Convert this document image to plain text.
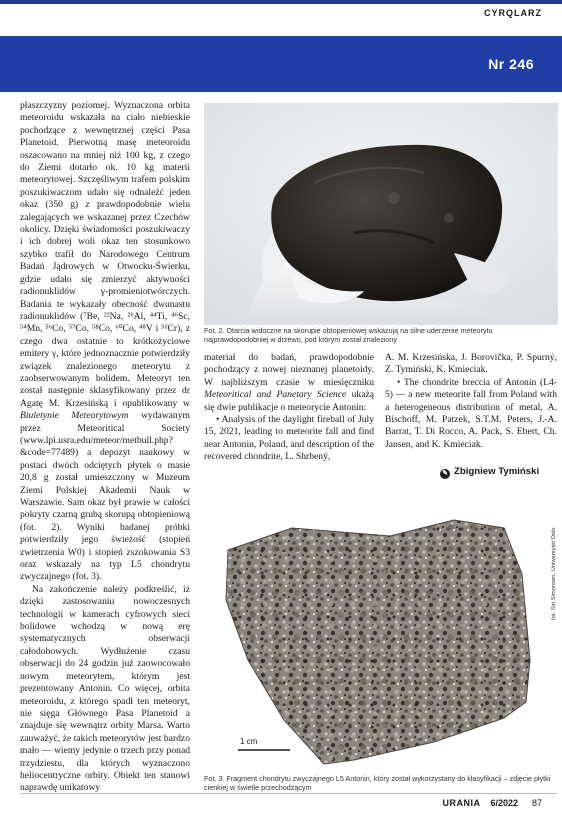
CYRQLARZ
Nr 246

płaszczyzny poziomej. Wyznaczona orbita meteoroidu wskazała na ciało niebieskie pochodzące z wewnętrznej części Pasa Planetoid. Pierwotną masę meteoroidu oszacowano na mniej niż 100 kg, z czego do Ziemi dotarło ok. 10 kg materii meteorytowej. Szczęśliwym trafem polskim poszukiwaczom udało się odnaleźć jeden okaz (350 g) z prawdopodobnie wielu zalegających we wskazanej przez Czechów okolicy. Dzięki świadomości poszukiwaczy i ich dobrej woli okaz ten stosunkowo szybko trafił do Narodowego Centrum Badań Jądrowych w Otwocku-Świerku, gdzie udało się zmierzyć aktywności radionuklidów γ-promieniotwórczych. Badania te wykazały obecność dwunastu radionuklidów (⁷Be, ²²Na, ²⁶Al, ⁴⁴Ti, ⁴⁶Sc, ⁵⁴Mn, ⁵⁶Co, ⁵⁷Co, ⁵⁸Co, ⁶⁰Co, ⁴⁸V i ⁵¹Cr), z czego dwa ostatnie to krótkożyciowe emitery γ, które jednoznacznie potwierdziły związek znalezionego meteorytu z zaobserwowanym bolidem. Meteoryt ten został następnie sklasyfikowany przez dr Agatę M. Krzesińską i opublikowany w Biuletynie Meteorytowym wydawanym przez Meteoritical Society (www.lpi.usra.edu/meteor/metbull.php?&code=77489) a depozyt naukowy w postaci dwóch odciętych płytek o masie 20,8 g został umieszczony w Muzeum Ziemi Polskiej Akademii Nauk w Warszawie. Sam okaz był prawie w całości pokryty czarną grubą skorupą obtopieniową (fot. 2). Wyniki badanej próbki potwierdziły jego świeżość (stopień zwietrzenia W0) i stopień zszokowania S3 oraz wskazały na typ L5 chondrytu zwyczajnego (fot. 3).

Na zakończenie należy podkreślić, iż dzięki zastosowaniu nowoczesnych technologii w kamerach cyfrowych sieci bolidowe wchodzą w nową erę systematycznych obserwacji całodobowych. Wydłużenie czasu obserwacji do 24 godzin już zaowocowało nowym meteorytem, którym jest prezentowany Antonin. Co więcej, orbita meteoroidu, z którego spadł ten meteoryt, nie sięga Głównego Pasa Planetoid a znajduje się wewnątrz orbity Marsa. Warto zauważyć, że takich meteorytów jest bardzo mało — wiemy jedynie o trzech przy ponad trzydziestu, dla których wyznaczono heliocentryczne orbity. Obiekt ten stanowi naprawdę unikatowy

Fot. 2. Otarcia widoczne na skorupie obtopieniowej wskazują na silne uderzenie meteorytu najprawdopodobniej w drzewo, pod którym został znaleziony

materiał do badań, prawdopodobnie pochodzący z nowej nieznanej planetoidy. W najbliższym czasie w miesięczniku Meteoritical and Panetary Science ukażą się dwie publikacje o meteorycie Antonin:

• Analysis of the daylight fireball of July 15, 2021, leading to meteorite fall and find near Antonin, Poland, and description of the recovered chondrite, L. Shrbený,

A. M. Krzesińska, J. Borovička, P. Spurný, Z. Tymiński, K. Kmieciak.

• The chondrite breccia of Antonin (L4-5) — a new meteorite fall from Poland with a heterogeneous distribution of metal, A. Bischoff, M. Patzek, S.T.M. Peters, J.-A. Barrat, T. Di Rocco, A. Pack, S. Ebert, Ch. Jansen, and K. Kmieciak.

✎ Zbigniew Tymiński
1 cm
fot. Siri Simonsen, Uniwersytet Oslo
Fot. 3. Fragment chondrytu zwyczajnego L5 Antonin, który został wykorzystany do klasyfikacji – zdjęcie płytki cienkiej w świetle przechodzącym
URANIA 6/2022 87
